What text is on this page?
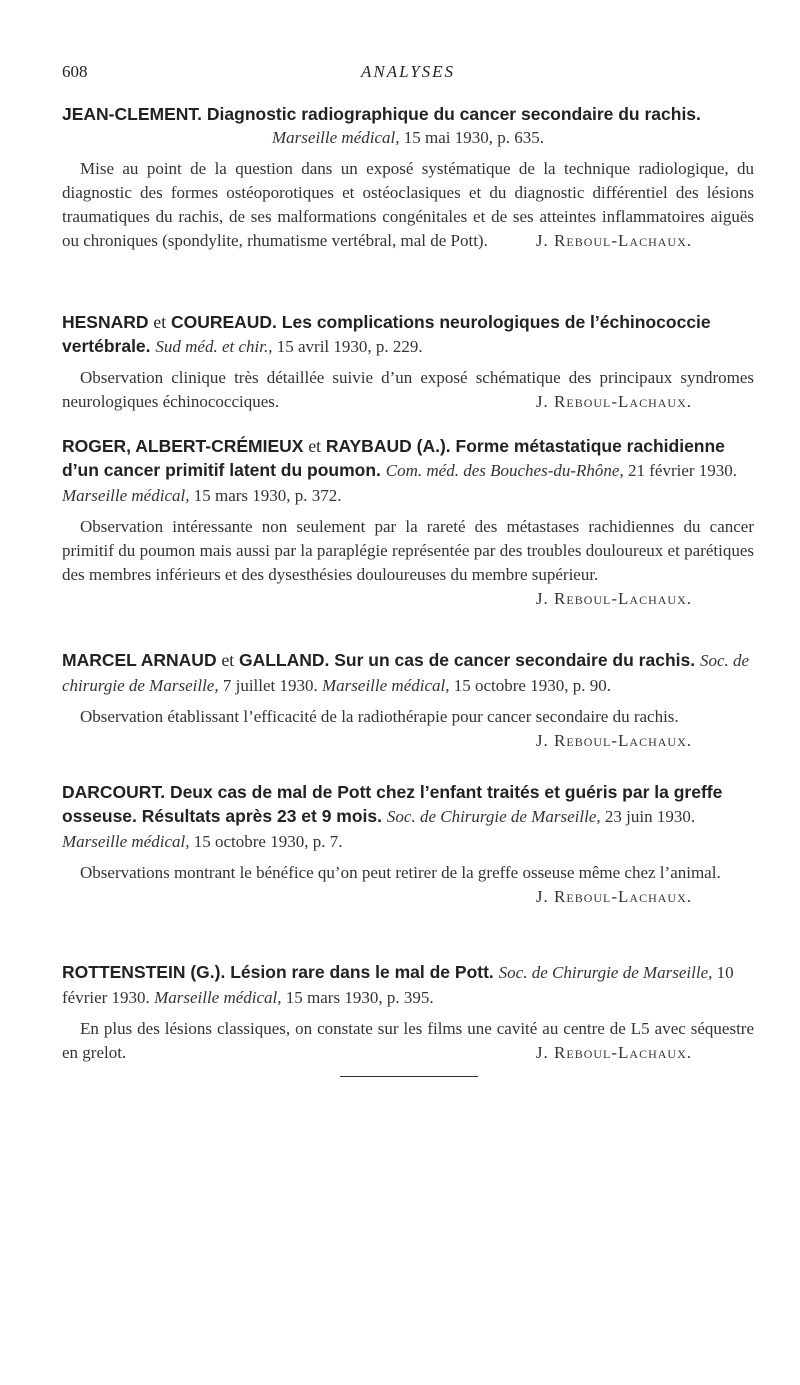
608	ANALYSES
JEAN-CLEMENT. Diagnostic radiographique du cancer secondaire du rachis.
Marseille médical, 15 mai 1930, p. 635.
Mise au point de la question dans un exposé systématique de la technique radiologique, du diagnostic des formes ostéoporotiques et ostéoclasiques et du diagnostic différentiel des lésions traumatiques du rachis, de ses malformations congénitales et de ses atteintes inflammatoires aiguës ou chroniques (spondylite, rhumatisme vertébral, mal de Pott).	J. Reboul-Lachaux.
HESNARD et COUREAUD. Les complications neurologiques de l’échinococcie vertébrale. Sud méd. et chir., 15 avril 1930, p. 229.
Observation clinique très détaillée suivie d’un exposé schématique des principaux syndromes neurologiques échinococciques.	J. Reboul-Lachaux.
ROGER, ALBERT-CRÉMIEUX et RAYBAUD (A.). Forme métastatique rachidienne d’un cancer primitif latent du poumon. Com. méd. des Bouches-du-Rhône, 21 février 1930. Marseille médical, 15 mars 1930, p. 372.
Observation intéressante non seulement par la rareté des métastases rachidiennes du cancer primitif du poumon mais aussi par la paraplégie représentée par des troubles douloureux et parétiques des membres inférieurs et des dysesthésies douloureuses du membre supérieur.
J. Reboul-Lachaux.
MARCEL ARNAUD et GALLAND. Sur un cas de cancer secondaire du rachis. Soc. de chirurgie de Marseille, 7 juillet 1930. Marseille médical, 15 octobre 1930, p. 90.
Observation établissant l’efficacité de la radiothérapie pour cancer secondaire du rachis.
J. Reboul-Lachaux.
DARCOURT. Deux cas de mal de Pott chez l’enfant traités et guéris par la greffe osseuse. Résultats après 23 et 9 mois. Soc. de Chirurgie de Marseille, 23 juin 1930. Marseille médical, 15 octobre 1930, p. 7.
Observations montrant le bénéfice qu’on peut retirer de la greffe osseuse même chez l’animal.
J. Reboul-Lachaux.
ROTTENSTEIN (G.). Lésion rare dans le mal de Pott. Soc. de Chirurgie de Marseille, 10 février 1930. Marseille médical, 15 mars 1930, p. 395.
En plus des lésions classiques, on constate sur les films une cavité au centre de L5 avec séquestre en grelot.	J. Reboul-Lachaux.
